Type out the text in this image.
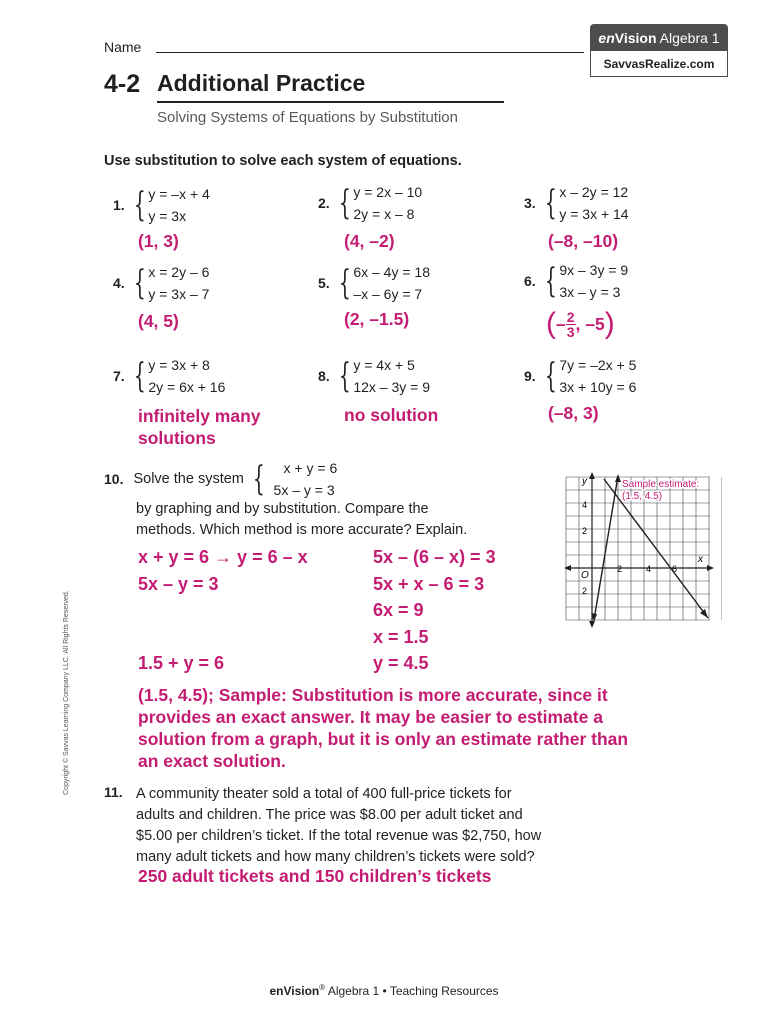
Name
en Vision Algebra 1
SavvasRealize.com
4-2 Additional Practice
Solving Systems of Equations by Substitution
Use substitution to solve each system of equations.
1. { y = –x + 4
y = 3x
(1, 3)
2. { y = 2x – 10
2y = x – 8
(4, –2)
3. { x – 2y = 12
y = 3x + 14
(–8, –10)
4. { x = 2y – 6
y = 3x – 7
(4, 5)
5. { 6x – 4y = 18
–x – 6y = 7
(2, –1.5)
6. { 9x – 3y = 9
3x – y = 3
( – $\frac{2}{3}$ , –5 )
7. { y = 3x + 8
2y = 6x + 16
infinitely many
solutions
8. { y = 4x + 5
12x – 3y = 9
no solution
9. { 7y = –2x + 5
3x + 10y = 6
(–8, 3)
10. Solve the system {	x + y = 6
5x – y = 3
by graphing and by substitution. Compare the
methods. Which method is more accurate? Explain.
x + y = 6 → y = 6 – x
5x – y = 3
1.5 + y = 6
5x – (6 – x) = 3
5x + x – 6 = 3
6x = 9
x = 1.5
y = 4.5
(1.5, 4.5); Sample: Substitution is more accurate, since it
provides an exact answer. It may be easier to estimate a
solution from a graph, but it is only an estimate rather than
an exact solution.
y
x
O
2	4 6
4
2
2
Sample estimate:
(1.5, 4.5)
11. A community theater sold a total of 400 full-price tickets for
adults and children. The price was $8.00 per adult ticket and
$5.00 per children’s ticket. If the total revenue was $2,750, how
many adult tickets and how many children’s tickets were sold?
250 adult tickets and 150 children’s tickets
Copyright © Savvas Learning Company LLC. All Rights Reserved.
enVision® Algebra 1 • Teaching Resources
